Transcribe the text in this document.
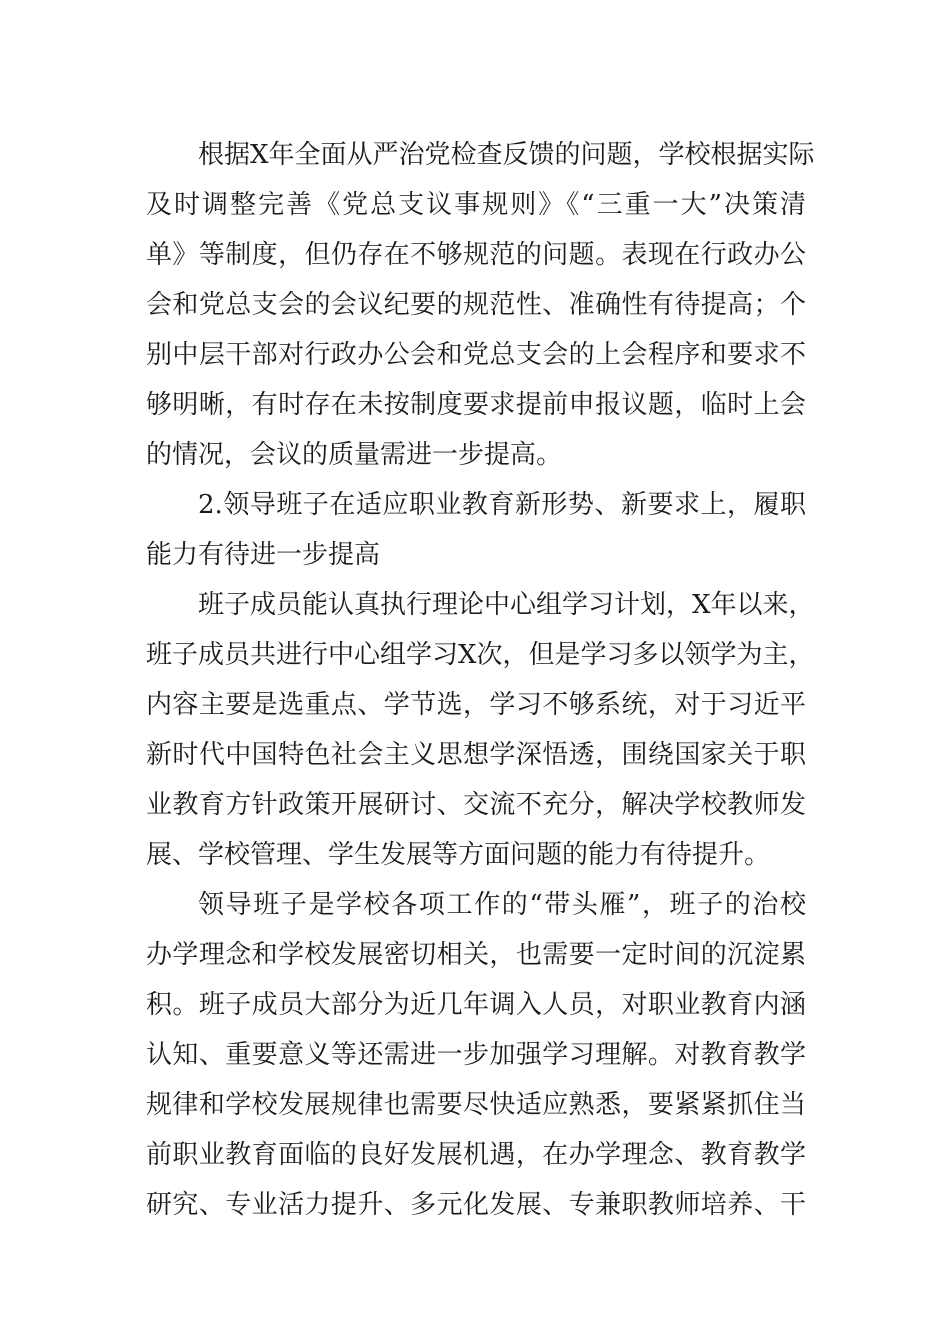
根据X年全面从严治党检查反馈的问题，学校根据实际
及时调整完善《党总支议事规则》《“三重一大”决策清
单》等制度，但仍存在不够规范的问题。表现在行政办公
会和党总支会的会议纪要的规范性、准确性有待提高；个
别中层干部对行政办公会和党总支会的上会程序和要求不
够明晰，有时存在未按制度要求提前申报议题，临时上会
的情况，会议的质量需进一步提高。
2.领导班子在适应职业教育新形势、新要求上，履职
能力有待进一步提高
班子成员能认真执行理论中心组学习计划，X年以来，
班子成员共进行中心组学习X次，但是学习多以领学为主，
内容主要是选重点、学节选，学习不够系统，对于习近平
新时代中国特色社会主义思想学深悟透，围绕国家关于职
业教育方针政策开展研讨、交流不充分，解决学校教师发
展、学校管理、学生发展等方面问题的能力有待提升。
领导班子是学校各项工作的“带头雁”，班子的治校
办学理念和学校发展密切相关，也需要一定时间的沉淀累
积。班子成员大部分为近几年调入人员，对职业教育内涵
认知、重要意义等还需进一步加强学习理解。对教育教学
规律和学校发展规律也需要尽快适应熟悉，要紧紧抓住当
前职业教育面临的良好发展机遇，在办学理念、教育教学
研究、专业活力提升、多元化发展、专兼职教师培养、干
